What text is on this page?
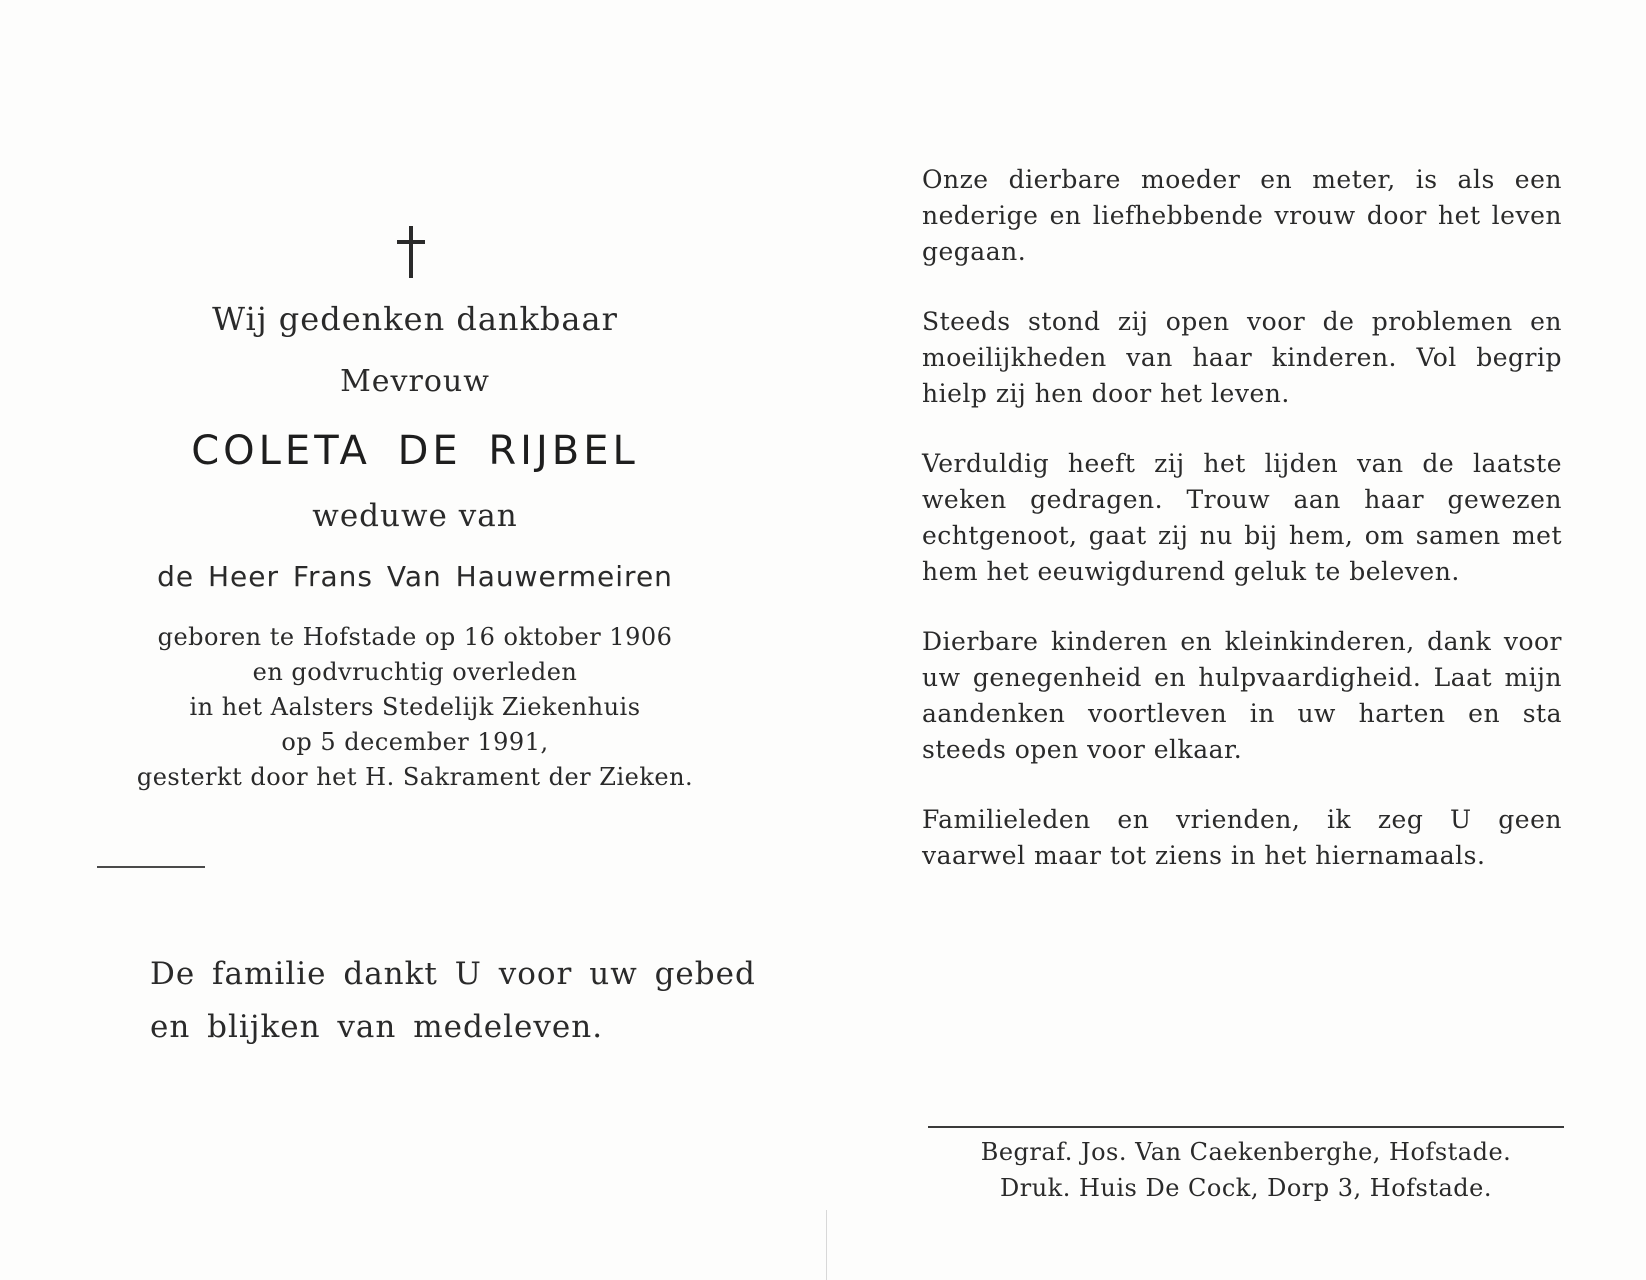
Wij gedenken dankbaar
Mevrouw
COLETA DE RIJBEL
weduwe van
de Heer Frans Van Hauwermeiren
geboren te Hofstade op 16 oktober 1906
en godvruchtig overleden
in het Aalsters Stedelijk Ziekenhuis
op 5 december 1991,
gesterkt door het H. Sakrament der Zieken.
De familie dankt U voor uw gebed
en blijken van medeleven.
Onze dierbare moeder en meter, is als een nederige en liefhebbende vrouw door het leven gegaan.
Steeds stond zij open voor de problemen en moeilijkheden van haar kinderen. Vol begrip hielp zij hen door het leven.
Verduldig heeft zij het lijden van de laatste weken gedragen. Trouw aan haar gewezen echtgenoot, gaat zij nu bij hem, om samen met hem het eeuwigdurend geluk te beleven.
Dierbare kinderen en kleinkinderen, dank voor uw genegenheid en hulpvaardigheid. Laat mijn aandenken voortleven in uw harten en sta steeds open voor elkaar.
Familieleden en vrienden, ik zeg U geen vaarwel maar tot ziens in het hiernamaals.
Begraf. Jos. Van Caekenberghe, Hofstade.
Druk. Huis De Cock, Dorp 3, Hofstade.
